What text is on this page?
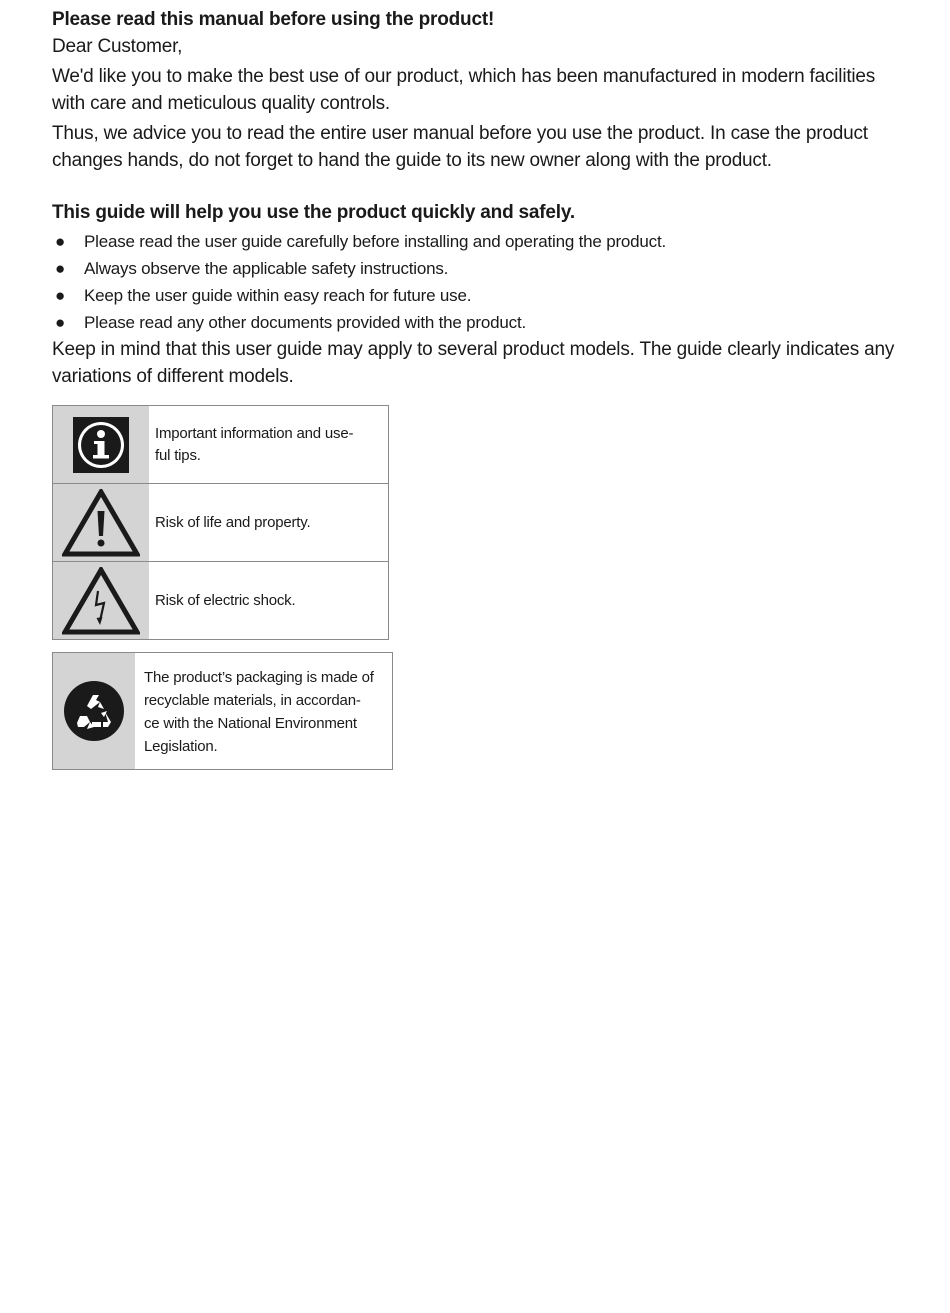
Please read this manual before using the product!

Dear Customer,

We'd like you to make the best use of our product, which has been manufactured in modern facilities
with care and meticulous quality controls.

Thus, we advice you to read the entire user manual before you use the product. In case the product
changes hands, do not forget to hand the guide to its new owner along with the product.

This guide will help you use the product quickly and safely.

● Please read the user guide carefully before installing and operating the product.
● Always observe the applicable safety instructions.
● Keep the user guide within easy reach for future use.
● Please read any other documents provided with the product.

Keep in mind that this user guide may apply to several product models. The guide clearly indicates any
variations of different models.

Important information and use-
ful tips.
Risk of life and property.
Risk of electric shock.
The product’s packaging is made of
recyclable materials, in accordan-
ce with the National Environment
Legislation.
